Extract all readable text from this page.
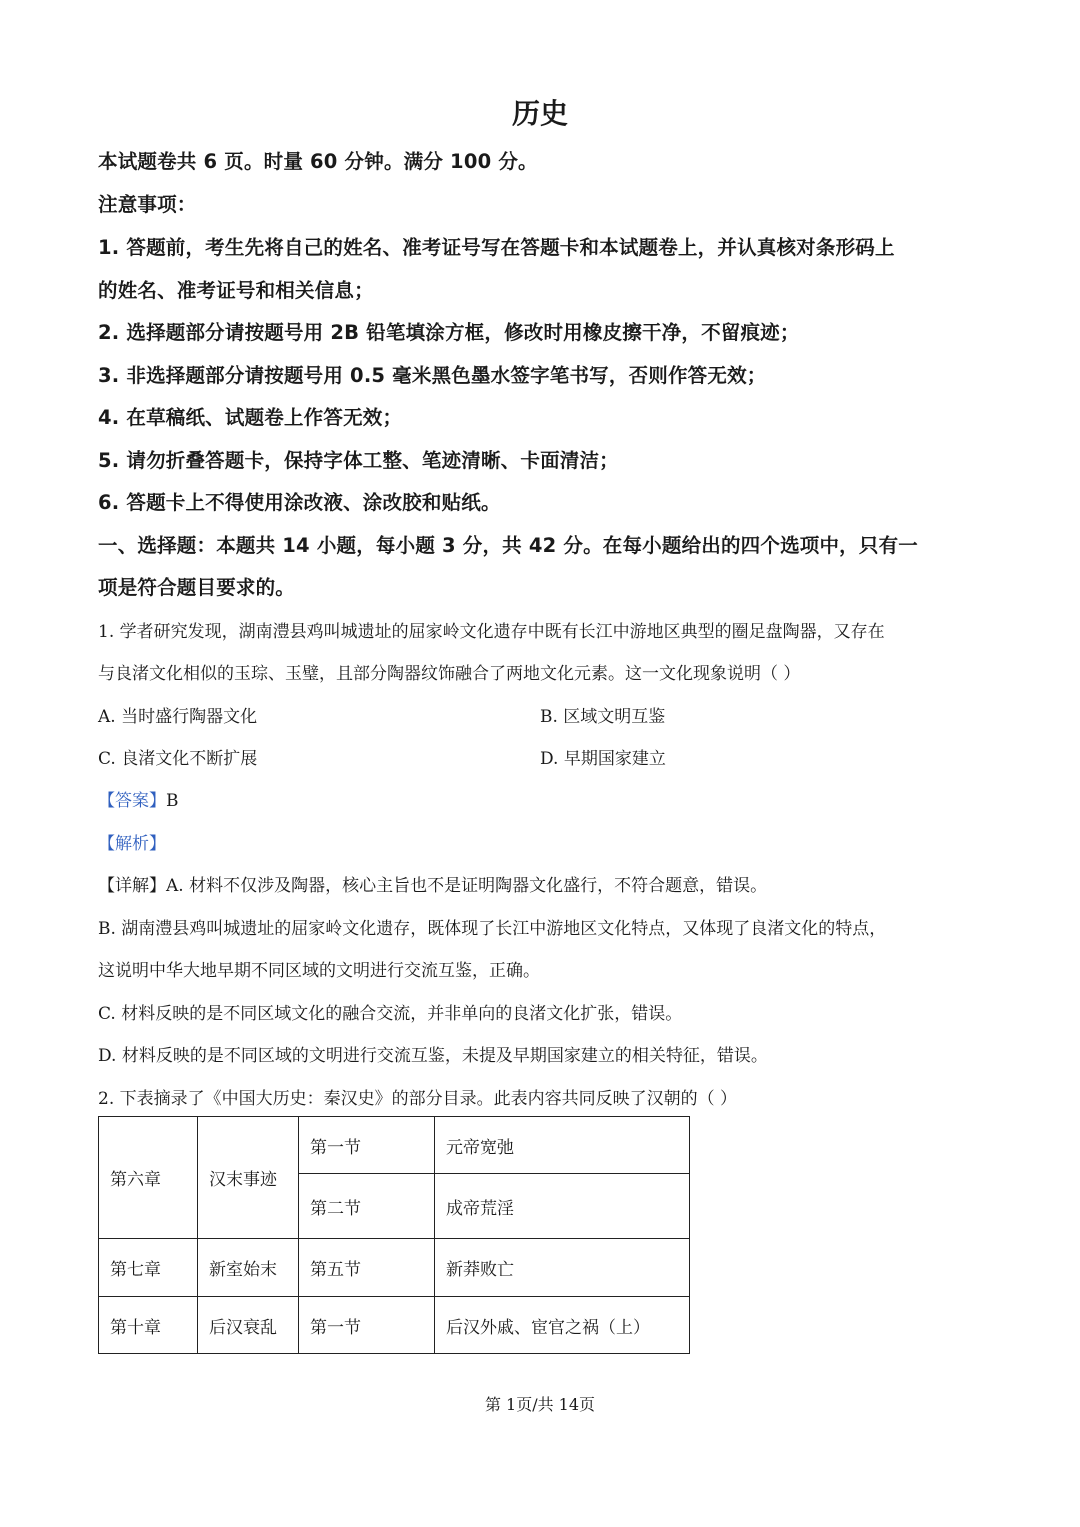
历史
本试题卷共 6 页。时量 60 分钟。满分 100 分。
注意事项：
1. 答题前，考生先将自己的姓名、准考证号写在答题卡和本试题卷上，并认真核对条形码上
的姓名、准考证号和相关信息；
2. 选择题部分请按题号用 2B 铅笔填涂方框，修改时用橡皮擦干净，不留痕迹；
3. 非选择题部分请按题号用 0.5 毫米黑色墨水签字笔书写，否则作答无效；
4. 在草稿纸、试题卷上作答无效；
5. 请勿折叠答题卡，保持字体工整、笔迹清晰、卡面清洁；
6. 答题卡上不得使用涂改液、涂改胶和贴纸。
一、选择题：本题共 14 小题，每小题 3 分，共 42 分。在每小题给出的四个选项中，只有一
项是符合题目要求的。
1. 学者研究发现，湖南澧县鸡叫城遗址的屈家岭文化遗存中既有长江中游地区典型的圈足盘陶器，又存在
与良渚文化相似的玉琮、玉璧，且部分陶器纹饰融合了两地文化元素。这一文化现象说明（ ）
A. 当时盛行陶器文化	B. 区域文明互鉴
C. 良渚文化不断扩展	D. 早期国家建立
【答案】B
【解析】
【详解】A. 材料不仅涉及陶器，核心主旨也不是证明陶器文化盛行，不符合题意，错误。
B. 湖南澧县鸡叫城遗址的屈家岭文化遗存，既体现了长江中游地区文化特点，又体现了良渚文化的特点，
这说明中华大地早期不同区域的文明进行交流互鉴，正确。
C. 材料反映的是不同区域文化的融合交流，并非单向的良渚文化扩张，错误。
D. 材料反映的是不同区域的文明进行交流互鉴，未提及早期国家建立的相关特征，错误。
2. 下表摘录了《中国大历史：秦汉史》的部分目录。此表内容共同反映了汉朝的（ ）
第六章	汉末事迹	第一节	元帝宽弛
		第二节	成帝荒淫
第七章	新室始末	第五节	新莽败亡
第十章	后汉衰乱	第一节	后汉外戚、宦官之祸（上）
第 1页/共 14页
